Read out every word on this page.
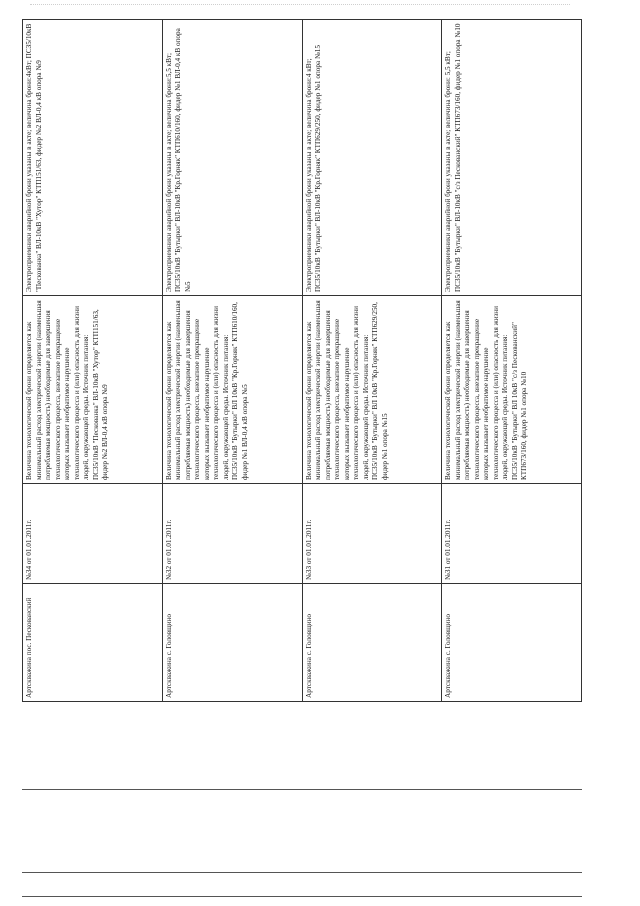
Артскважина пос. Пескованский	№34 от 01.01.2011г.	Величина технологической брони определяется как минимальный расход электрической энергии (наименьшая потребляемая мощность) необходимые для завершения технологического процесса, внезапное прекращение которых вызывает необратимое нарушение технологического процесса и (или) опасность для жизни людей, окружающей среды. Источник питания: ПС35/10кВ "Пескованка" ВЛ-10кВ "Хутор" КТП151/63, фидер №2 ВЛ-0,4 кВ опора №9	Электроприемники аварийной брони указаны в акте; величина брони:4кВт; ПС35/10кВ "Пескованка" ВЛ-10кВ "Хутор" КТП151/63, фидер №2 ВЛ-0,4 кВ опора №9
Артскважина с. Головщино	№32 от 01.01.2011г.	Величина технологической брони определяется как минимальный расход электрической энергии (наименьшая потребляемая мощность) необходимые для завершения технологического процесса, внезапное прекращение которых вызывает необратимое нарушение технологического процесса и (или) опасность для жизни людей, окружающей среды. Источник питания: ПС35/10кВ "Бутырки" ВЛ 10кВ "Кр.Горняк" КТП610/160, фидер №1 ВЛ-0,4 кВ опора №5	Электроприемники аварийной брони указаны в акте; величина брони:5,5 кВт; ПС35/10кВ "Бутырки" ВЛ-10кВ "Кр.Горняк" КТП610/160, фидер №1 ВЛ-0,4 кВ опора №5
Артскважина с. Головщино	№33 от 01.01.2011г.	Величина технологической брони определяется как минимальный расход электрической энергии (наименьшая потребляемая мощность) необходимые для завершения технологического процесса, внезапное прекращение которых вызывает необратимое нарушение технологического процесса и (или) опасность для жизни людей, окружающей среды. Источник питания: ПС35/10кВ "Бутырки" ВЛ 10кВ "Кр.Горняк" КТП629/250, фидер №1 опора №15	Электроприемники аварийной брони указаны в акте; величина брони:4 кВт; ПС35/10кВ "Бутырки" ВЛ-10кВ "Кр.Горняк" КТП629/250, фидер №1 опора №15
Артскважина с. Головщино	№31 от 01.01.2011г.	Величина технологической брони определяется как минимальный расход электрической энергии (наименьшая потребляемая мощность) необходимые для завершения технологического процесса, внезапное прекращение которых вызывает необратимое нарушение технологического процесса и (или) опасность для жизни людей, окружающей среды. Источник питания: ПС35/10кВ "Бутырки" ВЛ 10кВ "с/з Пескованский" КТП673/160, фидер №1 опора №10	Электроприемники аварийной брони указаны в акте; величина брони: 5,5 кВт; ПС35/10кВ "Бутырки" ВЛ-10кВ "с/з Пескованский" КТП673/160, фидер №1 опора №10
